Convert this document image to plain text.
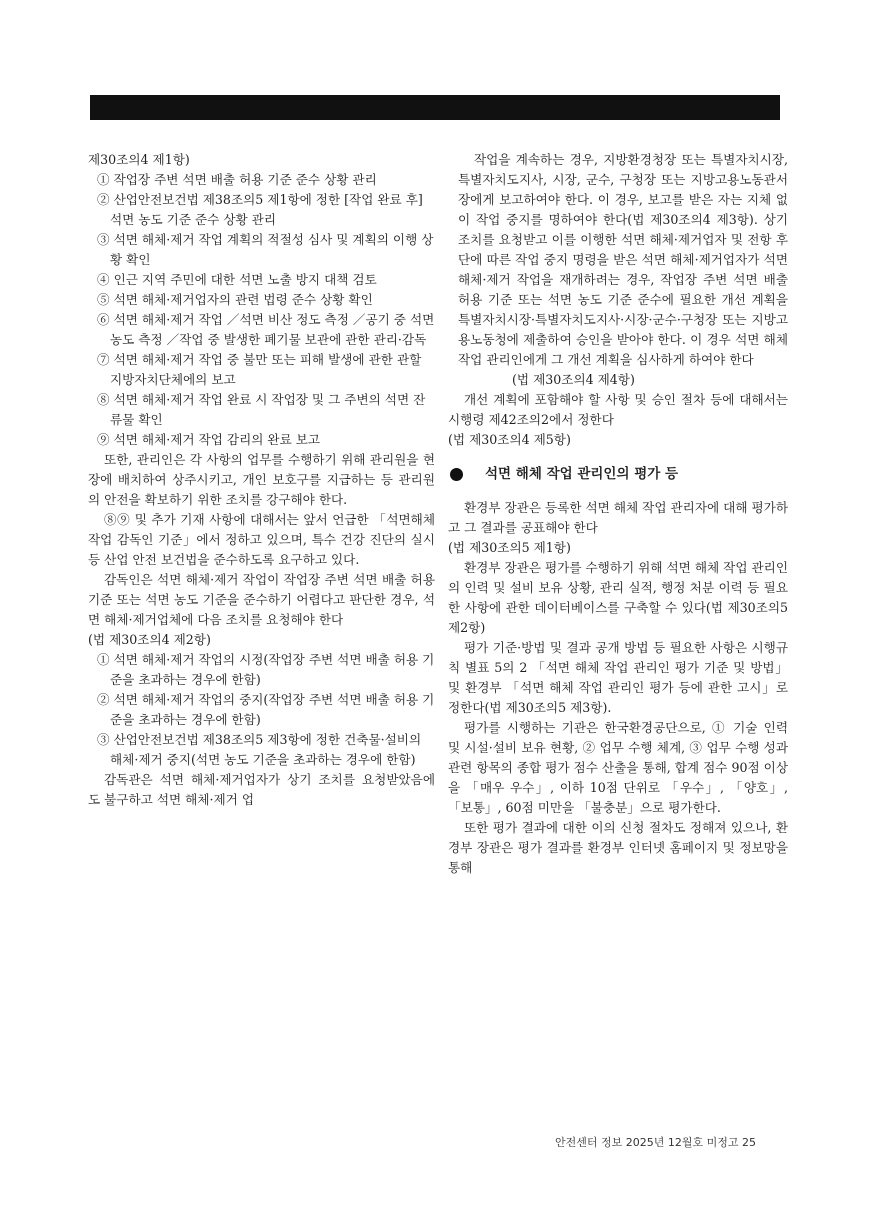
제30조의4 제1항)

① 작업장 주변 석면 배출 허용 기준 준수 상황 관리

② 산업안전보건법 제38조의5 제1항에 정한 [작업 완료 후] 석면 농도 기준 준수 상황 관리

③ 석면 해체·제거 작업 계획의 적절성 심사 및 계획의 이행 상황 확인

④ 인근 지역 주민에 대한 석면 노출 방지 대책 검토

⑤ 석면 해체·제거업자의 관련 법령 준수 상황 확인

⑥ 석면 해체·제거 작업 ／석면 비산 정도 측정 ／공기 중 석면 농도 측정 ／작업 중 발생한 폐기물 보관에 관한 관리·감독

⑦ 석면 해체·제거 작업 중 불만 또는 피해 발생에 관한 관할 지방자치단체에의 보고

⑧ 석면 해체·제거 작업 완료 시 작업장 및 그 주변의 석면 잔류물 확인

⑨ 석면 해체·제거 작업 감리의 완료 보고

또한, 관리인은 각 사항의 업무를 수행하기 위해 관리원을 현장에 배치하여 상주시키고, 개인 보호구를 지급하는 등 관리원의 안전을 확보하기 위한 조치를 강구해야 한다.

⑧⑨ 및 추가 기재 사항에 대해서는 앞서 언급한 「석면해체작업 감독인 기준」에서 정하고 있으며, 특수 건강 진단의 실시 등 산업 안전 보건법을 준수하도록 요구하고 있다.

감독인은 석면 해체·제거 작업이 작업장 주변 석면 배출 허용 기준 또는 석면 농도 기준을 준수하기 어렵다고 판단한 경우, 석면 해체·제거업체에 다음 조치를 요청해야 한다

(법 제30조의4 제2항)

① 석면 해체·제거 작업의 시정(작업장 주변 석면 배출 허용 기준을 초과하는 경우에 한함)

② 석면 해체·제거 작업의 중지(작업장 주변 석면 배출 허용 기준을 초과하는 경우에 한함)

③ 산업안전보건법 제38조의5 제3항에 정한 건축물·설비의 해체·제거 중지(석면 농도 기준을 초과하는 경우에 한함)

감독관은 석면 해체·제거업자가 상기 조치를 요청받았음에 도 불구하고 석면 해체·제거 업

작업을 계속하는 경우, 지방환경청장 또는 특별자치시장, 특별자치도지사, 시장, 군수, 구청장 또는 지방고용노동관서장에게 보고하여야 한다. 이 경우, 보고를 받은 자는 지체 없이 작업 중지를 명하여야 한다(법 제30조의4 제3항). 상기 조치를 요청받고 이를 이행한 석면 해체·제거업자 및 전항 후단에 따른 작업 중지 명령을 받은 석면 해체·제거업자가 석면 해체·제거 작업을 재개하려는 경우, 작업장 주변 석면 배출 허용 기준 또는 석면 농도 기준 준수에 필요한 개선 계획을 특별자치시장·특별자치도지사·시장·군수·구청장 또는 지방고용노동청에 제출하여 승인을 받아야 한다. 이 경우 석면 해체 작업 관리인에게 그 개선 계획을 심사하게 하여야 한다

(법 제30조의4 제4항)

개선 계획에 포함해야 할 사항 및 승인 절차 등에 대해서는 시행령 제42조의2에서 정한다

(법 제30조의4 제5항)

석면 해체 작업 관리인의 평가 등

환경부 장관은 등록한 석면 해체 작업 관리자에 대해 평가하고 그 결과를 공표해야 한다

(법 제30조의5 제1항)

환경부 장관은 평가를 수행하기 위해 석면 해체 작업 관리인의 인력 및 설비 보유 상황, 관리 실적, 행정 처분 이력 등 필요한 사항에 관한 데이터베이스를 구축할 수 있다(법 제30조의5 제2항)

평가 기준·방법 및 결과 공개 방법 등 필요한 사항은 시행규칙 별표 5의 2 「석면 해체 작업 관리인 평가 기준 및 방법」 및 환경부 「석면 해체 작업 관리인 평가 등에 관한 고시」로 정한다(법 제30조의5 제3항).

평가를 시행하는 기관은 한국환경공단으로, ① 기술 인력 및 시설·설비 보유 현황, ② 업무 수행 체계, ③ 업무 수행 성과 관련 항목의 종합 평가 점수 산출을 통해, 합계 점수 90점 이상을 「매우 우수」, 이하 10점 단위로 「우수」, 「양호」, 「보통」, 60점 미만을 「불충분」으로 평가한다.

또한 평가 결과에 대한 이의 신청 절차도 정해져 있으나, 환경부 장관은 평가 결과를 환경부 인터넷 홈페이지 및 정보망을 통해

안전센터 정보 2025년 12월호 미정고 25
